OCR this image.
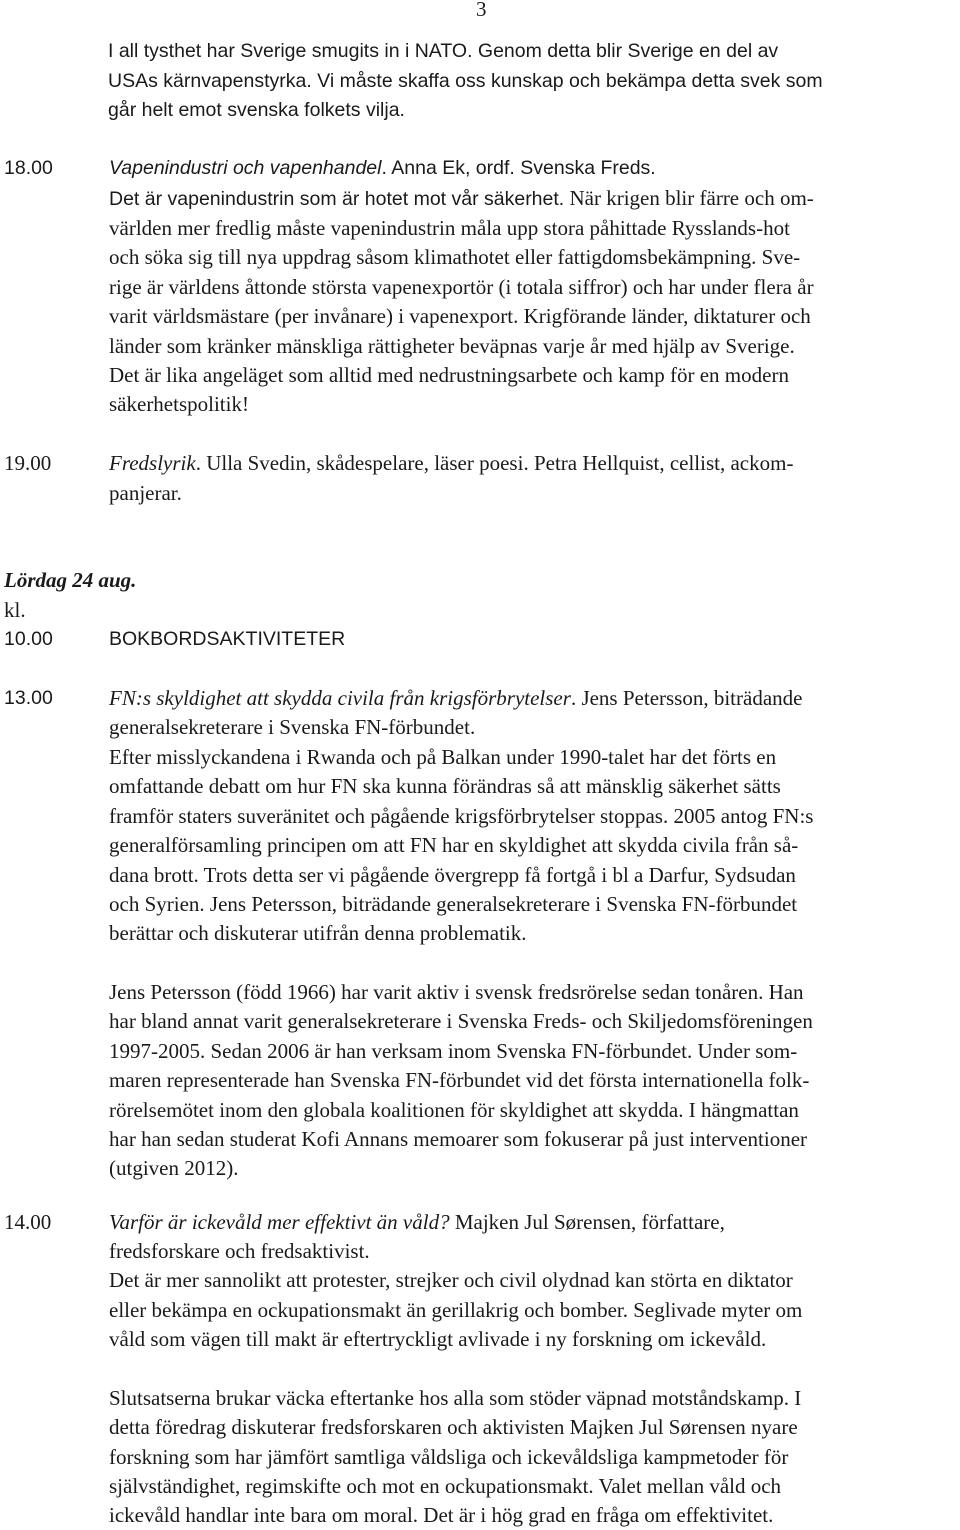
3
I all tysthet har Sverige smugits in i NATO. Genom detta blir Sverige en del av
USAs kärnvapenstyrka. Vi måste skaffa oss kunskap och bekämpa detta svek som
går helt emot svenska folkets vilja.
18.00	Vapenindustri och vapenhandel. Anna Ek, ordf. Svenska Freds.
Det är vapenindustrin som är hotet mot vår säkerhet. När krigen blir färre och om-
världen mer fredlig måste vapenindustrin måla upp stora påhittade Rysslands-hot
och söka sig till nya uppdrag såsom klimathotet eller fattigdomsbekämpning. Sve-
rige är världens åttonde största vapenexportör (i totala siffror) och har under flera år
varit världsmästare (per invånare) i vapenexport. Krigförande länder, diktaturer och
länder som kränker mänskliga rättigheter beväpnas varje år med hjälp av Sverige.
Det är lika angeläget som alltid med nedrustningsarbete och kamp för en modern
säkerhetspolitik!
19.00	Fredslyrik. Ulla Svedin, skådespelare, läser poesi. Petra Hellquist, cellist, ackom-
panjerar.
Lördag 24 aug.
kl.
10.00	BOKBORDSAKTIVITETER
13.00	FN:s skyldighet att skydda civila från krigsförbrytelser. Jens Petersson, biträdande
generalsekreterare i Svenska FN-förbundet.
Efter misslyckandena i Rwanda och på Balkan under 1990-talet har det förts en
omfattande debatt om hur FN ska kunna förändras så att mänsklig säkerhet sätts
framför staters suveränitet och pågående krigsförbrytelser stoppas. 2005 antog FN:s
generalförsamling principen om att FN har en skyldighet att skydda civila från så-
dana brott. Trots detta ser vi pågående övergrepp få fortgå i bl a Darfur, Sydsudan
och Syrien. Jens Petersson, biträdande generalsekreterare i Svenska FN-förbundet
berättar och diskuterar utifrån denna problematik.
Jens Petersson (född 1966) har varit aktiv i svensk fredsrörelse sedan tonåren. Han
har bland annat varit generalsekreterare i Svenska Freds- och Skiljedomsföreningen
1997-2005. Sedan 2006 är han verksam inom Svenska FN-förbundet. Under som-
maren representerade han Svenska FN-förbundet vid det första internationella folk-
rörelsemötet inom den globala koalitionen för skyldighet att skydda. I hängmattan
har han sedan studerat Kofi Annans memoarer som fokuserar på just interventioner
(utgiven 2012).
14.00	Varför är ickevåld mer effektivt än våld? Majken Jul Sørensen, författare,
fredsforskare och fredsaktivist.
Det är mer sannolikt att protester, strejker och civil olydnad kan störta en diktator
eller bekämpa en ockupationsmakt än gerillakrig och bomber. Seglivade myter om
våld som vägen till makt är eftertryckligt avlivade i ny forskning om ickevåld.
Slutsatserna brukar väcka eftertanke hos alla som stöder väpnad motståndskamp. I
detta föredrag diskuterar fredsforskaren och aktivisten Majken Jul Sørensen nyare
forskning som har jämfört samtliga våldsliga och ickevåldsliga kampmetoder för
självständighet, regimskifte och mot en ockupationsmakt. Valet mellan våld och
ickevåld handlar inte bara om moral. Det är i hög grad en fråga om effektivitet.
